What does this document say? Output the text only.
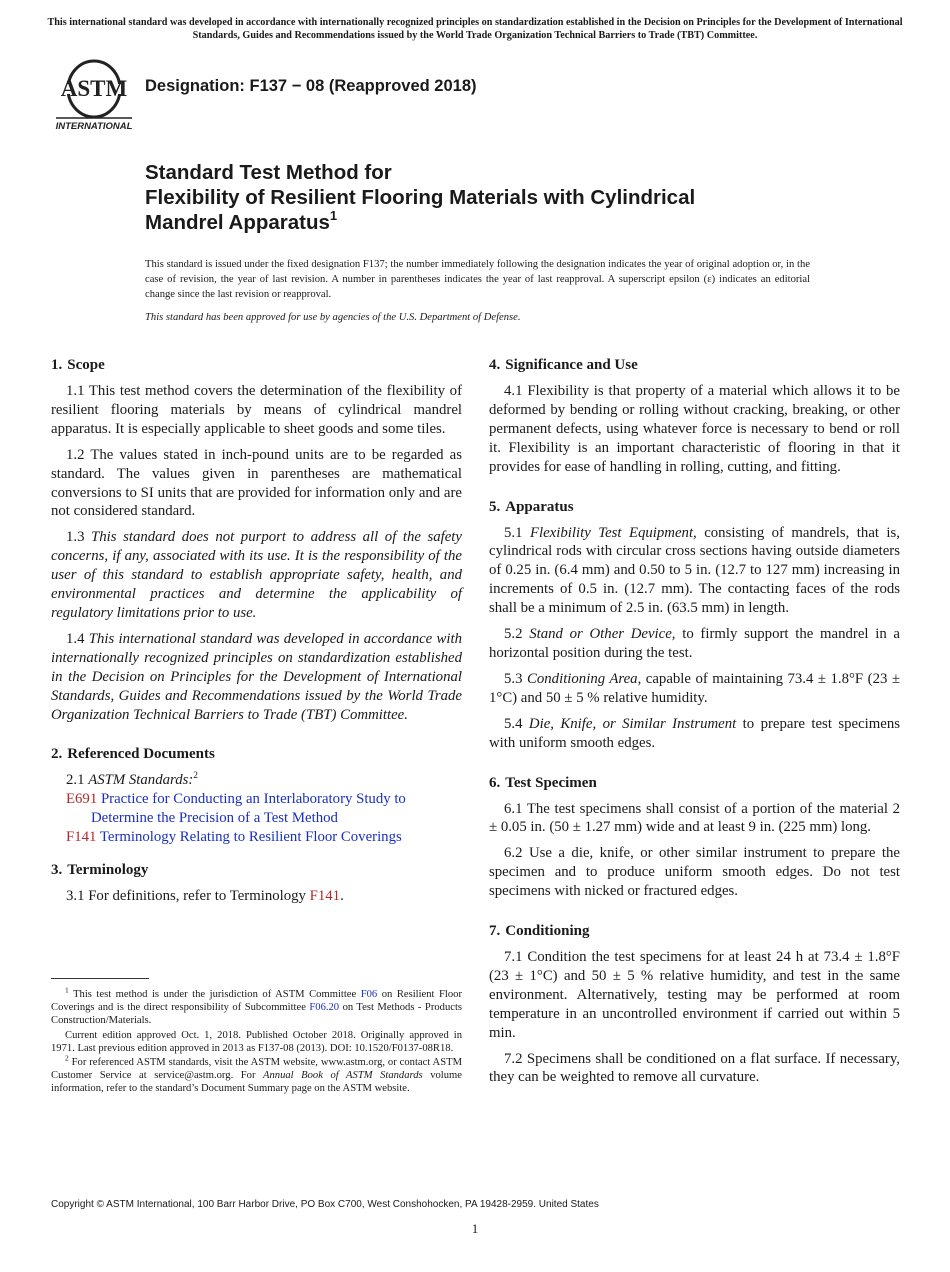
This international standard was developed in accordance with internationally recognized principles on standardization established in the Decision on Principles for the Development of International Standards, Guides and Recommendations issued by the World Trade Organization Technical Barriers to Trade (TBT) Committee.
ASTM
INTERNATIONAL
Designation: F137 − 08 (Reapproved 2018)
Standard Test Method for
Flexibility of Resilient Flooring Materials with Cylindrical
Mandrel Apparatus$^1$
This standard is issued under the fixed designation F137; the number immediately following the designation indicates the year of original adoption or, in the case of revision, the year of last revision. A number in parentheses indicates the year of last reapproval. A superscript epsilon (ε) indicates an editorial change since the last revision or reapproval.
This standard has been approved for use by agencies of the U.S. Department of Defense.
1. Scope

1.1 This test method covers the determination of the flexibility of resilient flooring materials by means of cylindrical mandrel apparatus. It is especially applicable to sheet goods and some tiles.

1.2 The values stated in inch-pound units are to be regarded as standard. The values given in parentheses are mathematical conversions to SI units that are provided for information only and are not considered standard.

1.3 This standard does not purport to address all of the safety concerns, if any, associated with its use. It is the responsibility of the user of this standard to establish appropriate safety, health, and environmental practices and determine the applicability of regulatory limitations prior to use.

1.4 This international standard was developed in accordance with internationally recognized principles on standardization established in the Decision on Principles for the Development of International Standards, Guides and Recommendations issued by the World Trade Organization Technical Barriers to Trade (TBT) Committee.

2. Referenced Documents

2.1 ASTM Standards:$^2$

E691 Practice for Conducting an Interlaboratory Study to Determine the Precision of a Test Method

F141 Terminology Relating to Resilient Floor Coverings

3. Terminology

3.1 For definitions, refer to Terminology F141.

4. Significance and Use

4.1 Flexibility is that property of a material which allows it to be deformed by bending or rolling without cracking, breaking, or other permanent defects, using whatever force is necessary to bend or roll it. Flexibility is an important characteristic of flooring in that it provides for ease of handling in rolling, cutting, and fitting.

5. Apparatus

5.1 Flexibility Test Equipment, consisting of mandrels, that is, cylindrical rods with circular cross sections having outside diameters of 0.25 in. (6.4 mm) and 0.50 to 5 in. (12.7 to 127 mm) increasing in increments of 0.5 in. (12.7 mm). The contacting faces of the rods shall be a minimum of 2.5 in. (63.5 mm) in length.

5.2 Stand or Other Device, to firmly support the mandrel in a horizontal position during the test.

5.3 Conditioning Area, capable of maintaining 73.4 ± 1.8°F (23 ± 1°C) and 50 ± 5 % relative humidity.

5.4 Die, Knife, or Similar Instrument to prepare test specimens with uniform smooth edges.

6. Test Specimen

6.1 The test specimens shall consist of a portion of the material 2 ± 0.05 in. (50 ± 1.27 mm) wide and at least 9 in. (225 mm) long.

6.2 Use a die, knife, or other similar instrument to prepare the specimen and to produce uniform smooth edges. Do not test specimens with nicked or fractured edges.

7. Conditioning

7.1 Condition the test specimens for at least 24 h at 73.4 ± 1.8°F (23 ± 1°C) and 50 ± 5 % relative humidity, and test in the same environment. Alternatively, testing may be performed at room temperature in an uncontrolled environment if carried out within 5 min.

7.2 Specimens shall be conditioned on a flat surface. If necessary, they can be weighted to remove all curvature.

$^1$ This test method is under the jurisdiction of ASTM Committee F06 on Resilient Floor Coverings and is the direct responsibility of Subcommittee F06.20 on Test Methods - Products Construction/Materials.

Current edition approved Oct. 1, 2018. Published October 2018. Originally approved in 1971. Last previous edition approved in 2013 as F137-08 (2013). DOI: 10.1520/F0137-08R18.

$^2$ For referenced ASTM standards, visit the ASTM website, www.astm.org, or contact ASTM Customer Service at service@astm.org. For Annual Book of ASTM Standards volume information, refer to the standard’s Document Summary page on the ASTM website.

Copyright © ASTM International, 100 Barr Harbor Drive, PO Box C700, West Conshohocken, PA 19428-2959. United States
1
